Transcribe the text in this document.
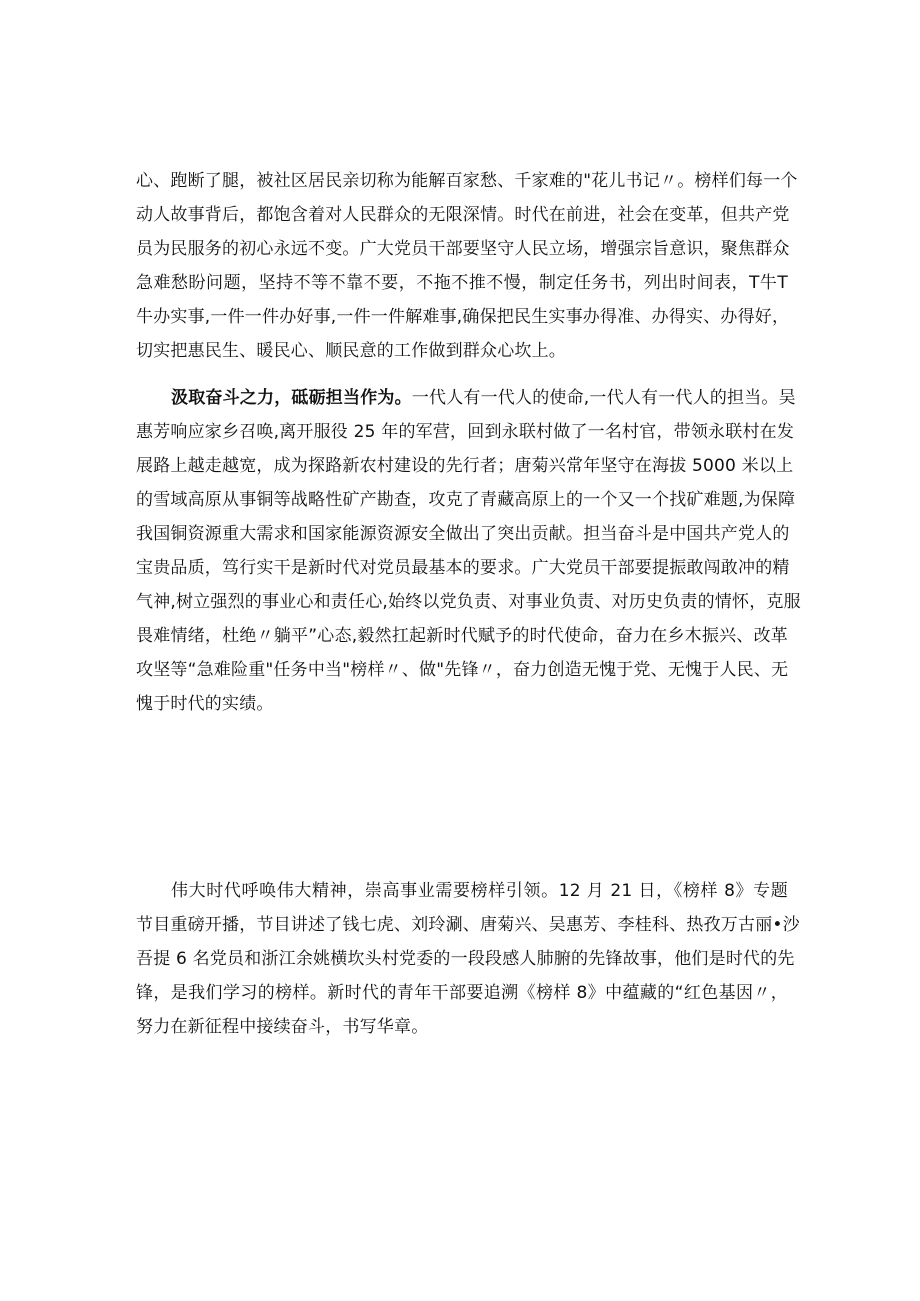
心、跑断了腿，被社区居民亲切称为能解百家愁、千家难的"花儿书记〃。榜样们每一个
动人故事背后，都饱含着对人民群众的无限深情。时代在前进，社会在变革，但共产党
员为民服务的初心永远不变。广大党员干部要坚守人民立场，增强宗旨意识，聚焦群众
急难愁盼问题，坚持不等不靠不要，不拖不推不慢，制定任务书，列出时间表，T牛T
牛办实事,一件一件办好事,一件一件解难事,确保把民生实事办得准、办得实、办得好，
切实把惠民生、暖民心、顺民意的工作做到群众心坎上。
汲取奋斗之力，砥砺担当作为。一代人有一代人的使命,一代人有一代人的担当。吴
惠芳响应家乡召唤,离开服役 25 年的军营，回到永联村做了一名村官，带领永联村在发
展路上越走越宽，成为探路新农村建设的先行者；唐菊兴常年坚守在海拔 5000 米以上
的雪域高原从事铜等战略性矿产勘查，攻克了青藏高原上的一个又一个找矿难题,为保障
我国铜资源重大需求和国家能源资源安全做出了突出贡献。担当奋斗是中国共产党人的
宝贵品质，笃行实干是新时代对党员最基本的要求。广大党员干部要提振敢闯敢冲的精
气神,树立强烈的事业心和责任心,始终以党负责、对事业负责、对历史负责的情怀，克服
畏难情绪，杜绝〃躺平”心态,毅然扛起新时代赋予的时代使命，奋力在乡木振兴、改革
攻坚等“急难险重"任务中当"榜样〃、做"先锋〃，奋力创造无愧于党、无愧于人民、无
愧于时代的实绩。
伟大时代呼唤伟大精神，崇高事业需要榜样引领。12 月 21 日，《榜样 8》专题
节目重磅开播，节目讲述了钱七虎、刘玲涮、唐菊兴、吴惠芳、李桂科、热孜万古丽•沙
吾提 6 名党员和浙江余姚横坎头村党委的一段段感人肺腑的先锋故事，他们是时代的先
锋，是我们学习的榜样。新时代的青年干部要追溯《榜样 8》中蕴藏的“红色基因〃，
努力在新征程中接续奋斗，书写华章。
